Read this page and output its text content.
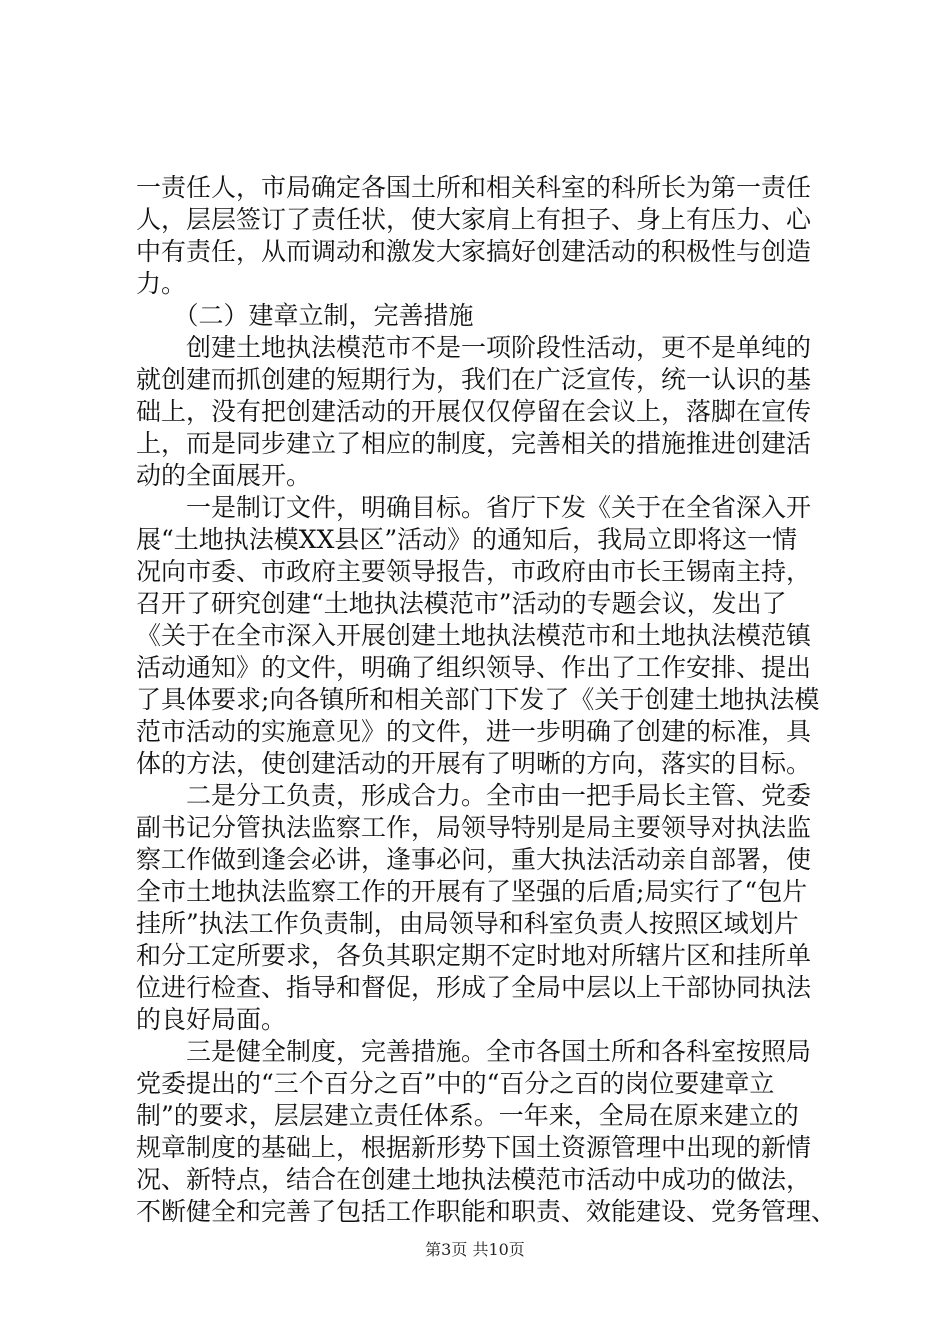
一责任人，市局确定各国土所和相关科室的科所长为第一责任
人，层层签订了责任状，使大家肩上有担子、身上有压力、心
中有责任，从而调动和激发大家搞好创建活动的积极性与创造
力。
　　（二）建章立制，完善措施
　　创建土地执法模范市不是一项阶段性活动，更不是单纯的
就创建而抓创建的短期行为，我们在广泛宣传，统一认识的基
础上，没有把创建活动的开展仅仅停留在会议上，落脚在宣传
上，而是同步建立了相应的制度，完善相关的措施推进创建活
动的全面展开。
　　一是制订文件，明确目标。省厅下发《关于在全省深入开
展“土地执法模XX县区”活动》的通知后，我局立即将这一情
况向市委、市政府主要领导报告，市政府由市长王锡南主持，
召开了研究创建“土地执法模范市”活动的专题会议，发出了
《关于在全市深入开展创建土地执法模范市和土地执法模范镇
活动通知》的文件，明确了组织领导、作出了工作安排、提出
了具体要求;向各镇所和相关部门下发了《关于创建土地执法模
范市活动的实施意见》的文件，进一步明确了创建的标准，具
体的方法，使创建活动的开展有了明晰的方向，落实的目标。
　　二是分工负责，形成合力。全市由一把手局长主管、党委
副书记分管执法监察工作，局领导特别是局主要领导对执法监
察工作做到逢会必讲，逢事必问，重大执法活动亲自部署，使
全市土地执法监察工作的开展有了坚强的后盾;局实行了“包片
挂所”执法工作负责制，由局领导和科室负责人按照区域划片
和分工定所要求，各负其职定期不定时地对所辖片区和挂所单
位进行检查、指导和督促，形成了全局中层以上干部协同执法
的良好局面。
　　三是健全制度，完善措施。全市各国土所和各科室按照局
党委提出的“三个百分之百”中的“百分之百的岗位要建章立
制”的要求，层层建立责任体系。一年来，全局在原来建立的
规章制度的基础上，根据新形势下国土资源管理中出现的新情
况、新特点，结合在创建土地执法模范市活动中成功的做法，
不断健全和完善了包括工作职能和职责、效能建设、党务管理、
第3页 共10页
